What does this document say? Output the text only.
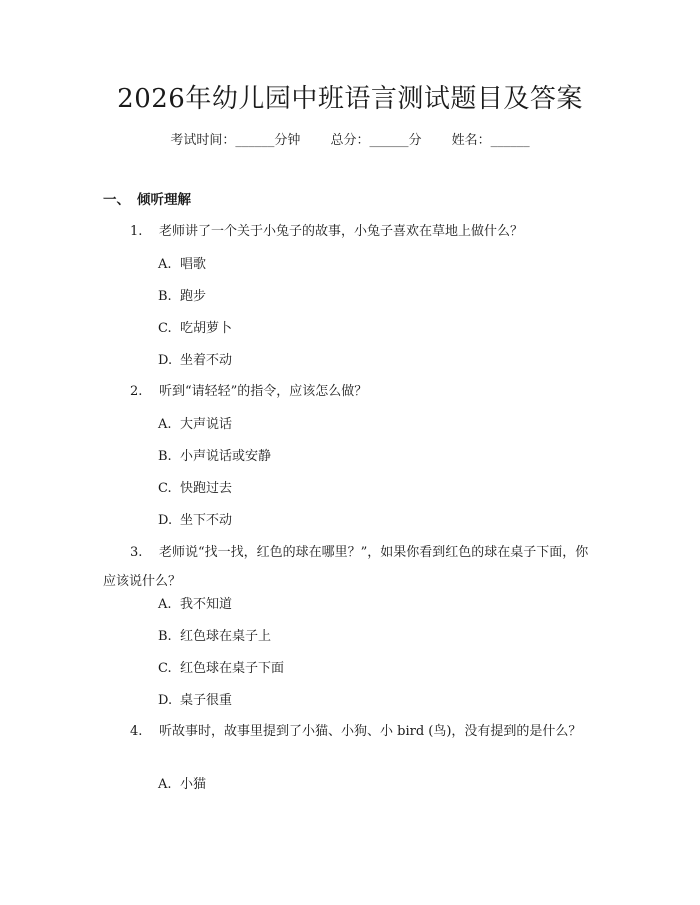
2026年幼儿园中班语言测试题目及答案
考试时间：______分钟 总分：______分 姓名：______
一、 倾听理解
1. 老师讲了一个关于小兔子的故事，小兔子喜欢在草地上做什么？
A. 唱歌
B. 跑步
C. 吃胡萝卜
D. 坐着不动
2. 听到“请轻轻”的指令，应该怎么做？
A. 大声说话
B. 小声说话或安静
C. 快跑过去
D. 坐下不动
3. 老师说“找一找，红色的球在哪里？”，如果你看到红色的球在桌子下面，你应该说什么？
A. 我不知道
B. 红色球在桌子上
C. 红色球在桌子下面
D. 桌子很重
4. 听故事时，故事里提到了小猫、小狗、小 bird (鸟)，没有提到的是什么？
A. 小猫
